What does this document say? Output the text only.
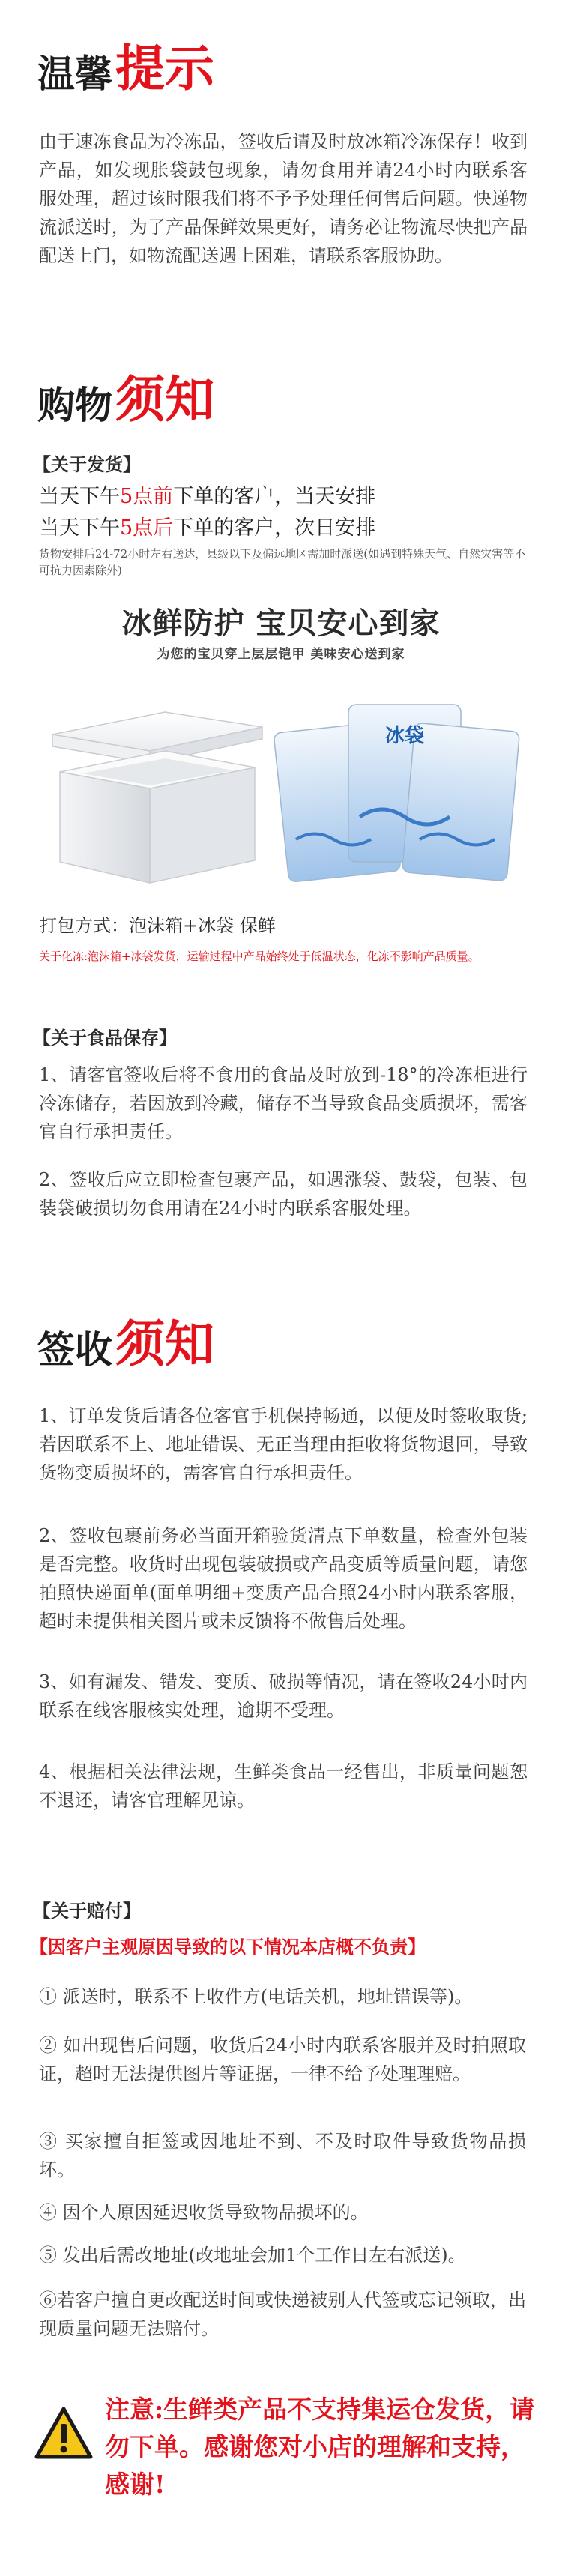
温馨提示
由于速冻食品为冷冻品，签收后请及时放冰箱冷冻保存！收到产品，如发现胀袋鼓包现象，请勿食用并请24小时内联系客服处理，超过该时限我们将不予予处理任何售后问题。快递物流派送时，为了产品保鲜效果更好，请务必让物流尽快把产品配送上门，如物流配送遇上困难，请联系客服协助。
购物须知
【关于发货】
当天下午5点前下单的客户，当天安排
当天下午5点后下单的客户，次日安排
货物安排后24-72小时左右送达，县级以下及偏远地区需加时派送(如遇到特殊天气、自然灾害等不可抗力因素除外)
冰鲜防护 宝贝安心到家
为您的宝贝穿上层层铠甲 美味安心送到家
冰袋
打包方式：泡沫箱+冰袋 保鲜
关于化冻:泡沫箱+冰袋发货，运输过程中产品始终处于低温状态，化冻不影响产品质量。
【关于食品保存】
1、请客官签收后将不食用的食品及时放到-18°的冷冻柜进行冷冻储存，若因放到冷藏，储存不当导致食品变质损坏，需客官自行承担责任。
2、签收后应立即检查包裹产品，如遇涨袋、鼓袋，包装、包装袋破损切勿食用请在24小时内联系客服处理。
签收须知
1、订单发货后请各位客官手机保持畅通，以便及时签收取货;若因联系不上、地址错误、无正当理由拒收将货物退回，导致货物变质损坏的，需客官自行承担责任。
2、签收包裹前务必当面开箱验货清点下单数量，检查外包装是否完整。收货时出现包装破损或产品变质等质量问题，请您拍照快递面单(面单明细+变质产品合照24小时内联系客服，超时未提供相关图片或未反馈将不做售后处理。
3、如有漏发、错发、变质、破损等情况，请在签收24小时内联系在线客服核实处理，逾期不受理。
4、根据相关法律法规，生鲜类食品一经售出，非质量问题恕不退还，请客官理解见谅。
【关于赔付】
【因客户主观原因导致的以下情况本店概不负责】
① 派送时，联系不上收件方(电话关机，地址错误等)。
② 如出现售后问题，收货后24小时内联系客服并及时拍照取证，超时无法提供图片等证据，一律不给予处理理赔。
③ 买家擅自拒签或因地址不到、不及时取件导致货物品损坏。
④ 因个人原因延迟收货导致物品损坏的。
⑤ 发出后需改地址(改地址会加1个工作日左右派送)。
⑥若客户擅自更改配送时间或快递被别人代签或忘记领取，出现质量问题无法赔付。
注意:生鲜类产品不支持集运仓发货，请勿下单。感谢您对小店的理解和支持，感谢!
